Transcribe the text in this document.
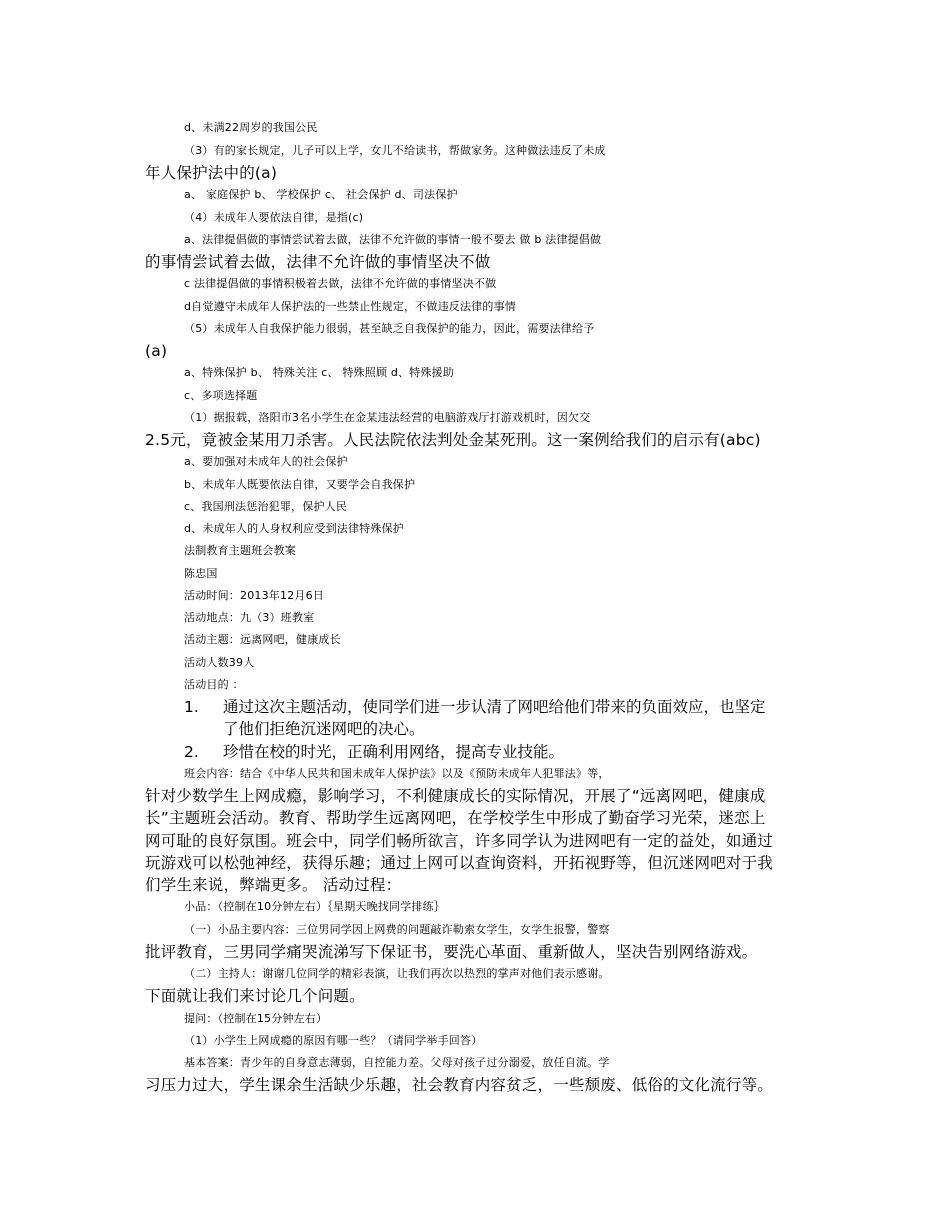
d、未满22周岁的我国公民
（3）有的家长规定，儿子可以上学，女儿不给读书，帮做家务。这种做法违反了未成
年人保护法中的(a)
a、 家庭保护 b、 学校保护 c、 社会保护 d、司法保护
（4）未成年人要依法自律，是指(c)
a、法律提倡做的事情尝试着去做，法律不允许做的事情一般不要去 做 b 法律提倡做
的事情尝试着去做，法律不允许做的事情坚决不做
c 法律提倡做的事情积极着去做，法律不允许做的事情坚决不做
d自觉遵守未成年人保护法的一些禁止性规定，不做违反法律的事情
（5）未成年人自我保护能力很弱，甚至缺乏自我保护的能力，因此，需要法律给予
(a)
a、特殊保护 b、 特殊关注 c、 特殊照顾 d、特殊援助
c、多项选择题
（1）据报载，洛阳市3名小学生在金某违法经营的电脑游戏厅打游戏机时，因欠交
2.5元，竟被金某用刀杀害。人民法院依法判处金某死刑。这一案例给我们的启示有(abc)
a、要加强对未成年人的社会保护
b、未成年人既要依法自律，又要学会自我保护
c、我国刑法惩治犯罪，保护人民
d、未成年人的人身权利应受到法律特殊保护
法制教育主题班会教案
陈忠国
活动时间：2013年12月6日
活动地点：九（3）班教室
活动主题：远离网吧，健康成长
活动人数39人
活动目的 ：
1. 通过这次主题活动，使同学们进一步认清了网吧给他们带来的负面效应，也坚定
了他们拒绝沉迷网吧的决心。
2. 珍惜在校的时光，正确利用网络，提高专业技能。
班会内容：结合《中华人民共和国未成年人保护法》以及《预防未成年人犯罪法》等，
针对少数学生上网成瘾，影响学习，不利健康成长的实际情况，开展了“远离网吧，健康成
长”主题班会活动。教育、帮助学生远离网吧，在学校学生中形成了勤奋学习光荣，迷恋上
网可耻的良好氛围。班会中，同学们畅所欲言，许多同学认为进网吧有一定的益处，如通过
玩游戏可以松弛神经，获得乐趣；通过上网可以查询资料，开拓视野等，但沉迷网吧对于我
们学生来说，弊端更多。 活动过程：
小品：（控制在10分钟左右）｛星期天晚找同学排练｝
（一）小品主要内容：三位男同学因上网费的问题敲诈勒索女学生，女学生报警，警察
批评教育，三男同学痛哭流涕写下保证书，要洗心革面、重新做人，坚决告别网络游戏。
（二）主持人：谢谢几位同学的精彩表演，让我们再次以热烈的掌声对他们表示感谢。
下面就让我们来讨论几个问题。
提问：（控制在15分钟左右）
（1）小学生上网成瘾的原因有哪一些？（请同学举手回答）
基本答案：青少年的自身意志薄弱，自控能力差。父母对孩子过分溺爱，放任自流。学
习压力过大，学生课余生活缺少乐趣，社会教育内容贫乏，一些颓废、低俗的文化流行等。
